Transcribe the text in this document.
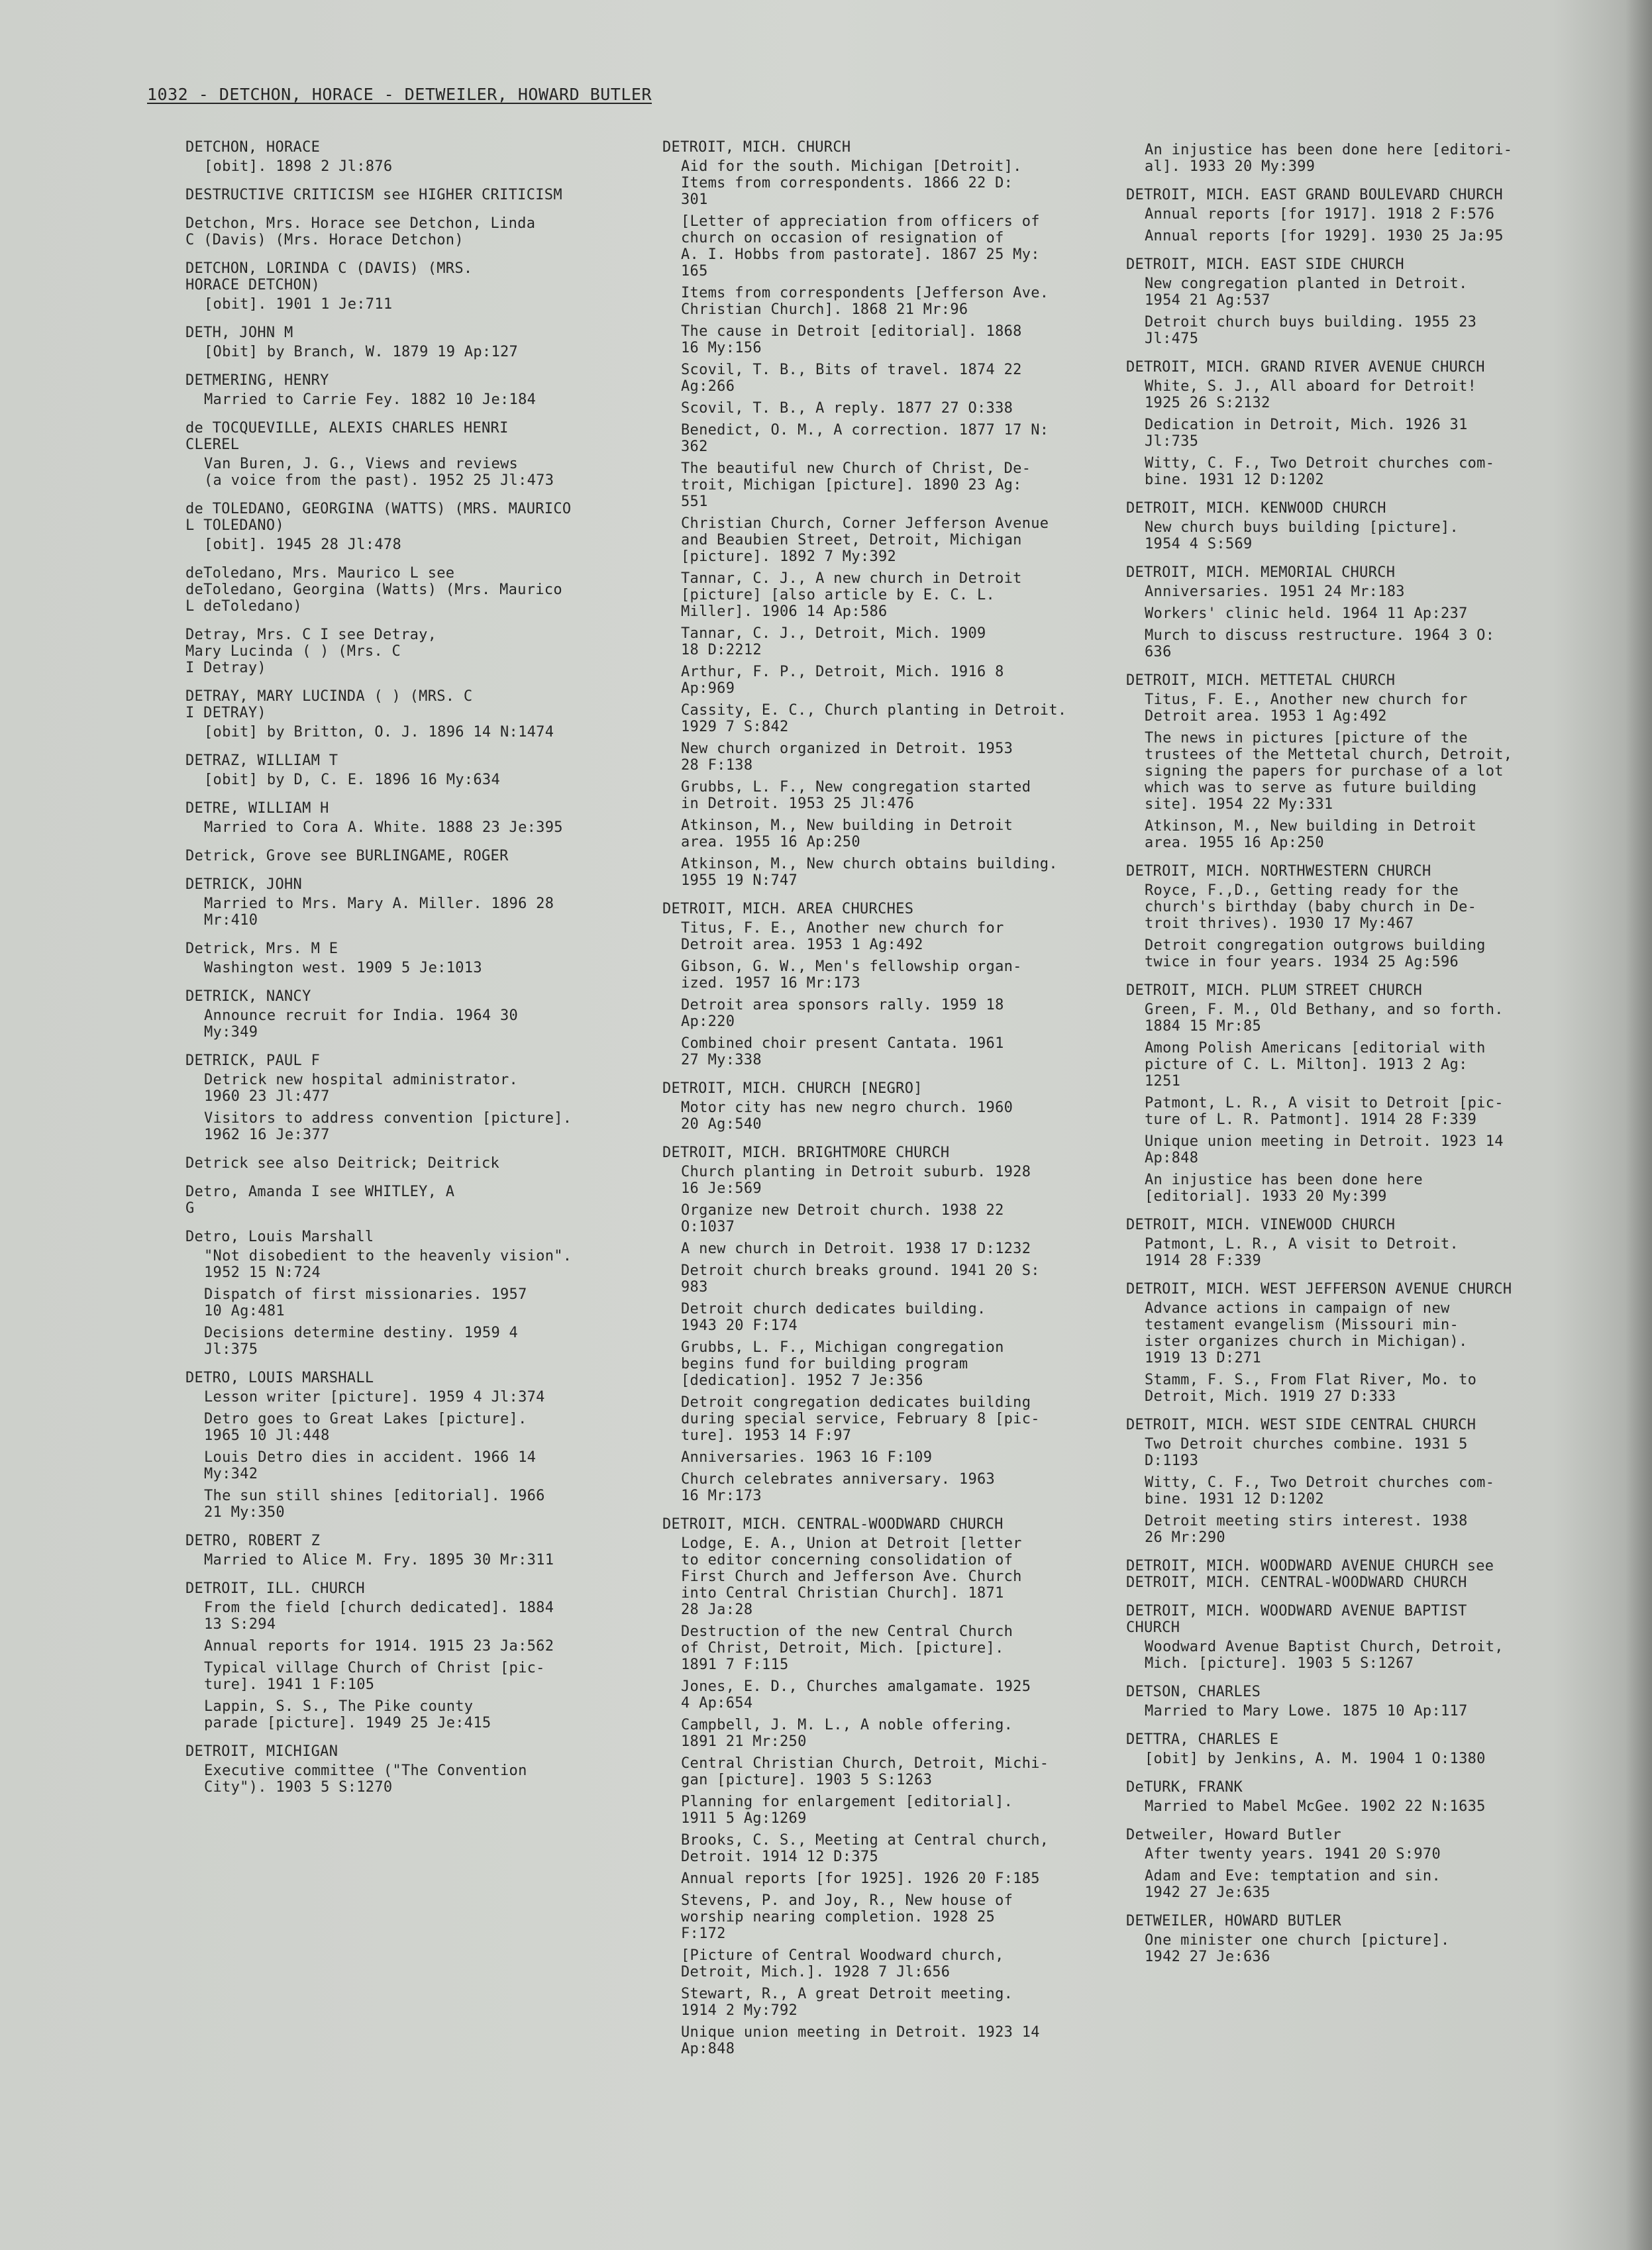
1032 - DETCHON, HORACE - DETWEILER, HOWARD BUTLER
DETCHON, HORACE
[obit]. 1898 2 Jl:876
DESTRUCTIVE CRITICISM see HIGHER CRITICISM
Detchon, Mrs. Horace see Detchon, Linda
C (Davis) (Mrs. Horace Detchon)
DETCHON, LORINDA C (DAVIS) (MRS.
HORACE DETCHON)
[obit]. 1901 1 Je:711
DETH, JOHN M
[Obit] by Branch, W. 1879 19 Ap:127
DETMERING, HENRY
Married to Carrie Fey. 1882 10 Je:184
de TOCQUEVILLE, ALEXIS CHARLES HENRI
CLEREL
Van Buren, J. G., Views and reviews
(a voice from the past). 1952 25 Jl:473
de TOLEDANO, GEORGINA (WATTS) (MRS. MAURICO
L TOLEDANO)
[obit]. 1945 28 Jl:478
deToledano, Mrs. Maurico L see
deToledano, Georgina (Watts) (Mrs. Maurico
L deToledano)
Detray, Mrs. C I see Detray,
Mary Lucinda ( ) (Mrs. C
I Detray)
DETRAY, MARY LUCINDA ( ) (MRS. C
I DETRAY)
[obit] by Britton, O. J. 1896 14 N:1474
DETRAZ, WILLIAM T
[obit] by D, C. E. 1896 16 My:634
DETRE, WILLIAM H
Married to Cora A. White. 1888 23 Je:395
Detrick, Grove see BURLINGAME, ROGER
DETRICK, JOHN
Married to Mrs. Mary A. Miller. 1896 28
Mr:410
Detrick, Mrs. M E
Washington west. 1909 5 Je:1013
DETRICK, NANCY
Announce recruit for India. 1964 30
My:349
DETRICK, PAUL F
Detrick new hospital administrator.
1960 23 Jl:477
Visitors to address convention [picture].
1962 16 Je:377
Detrick see also Deitrick; Deitrick
Detro, Amanda I see WHITLEY, A
G
Detro, Louis Marshall
"Not disobedient to the heavenly vision".
1952 15 N:724
Dispatch of first missionaries. 1957
10 Ag:481
Decisions determine destiny. 1959 4
Jl:375
DETRO, LOUIS MARSHALL
Lesson writer [picture]. 1959 4 Jl:374
Detro goes to Great Lakes [picture].
1965 10 Jl:448
Louis Detro dies in accident. 1966 14
My:342
The sun still shines [editorial]. 1966
21 My:350
DETRO, ROBERT Z
Married to Alice M. Fry. 1895 30 Mr:311
DETROIT, ILL. CHURCH
From the field [church dedicated]. 1884
13 S:294
Annual reports for 1914. 1915 23 Ja:562
Typical village Church of Christ [pic-
ture]. 1941 1 F:105
Lappin, S. S., The Pike county
parade [picture]. 1949 25 Je:415
DETROIT, MICHIGAN
Executive committee ("The Convention
City"). 1903 5 S:1270
DETROIT, MICH. CHURCH
Aid for the south. Michigan [Detroit].
Items from correspondents. 1866 22 D:
301
[Letter of appreciation from officers of
church on occasion of resignation of
A. I. Hobbs from pastorate]. 1867 25 My:
165
Items from correspondents [Jefferson Ave.
Christian Church]. 1868 21 Mr:96
The cause in Detroit [editorial]. 1868
16 My:156
Scovil, T. B., Bits of travel. 1874 22
Ag:266
Scovil, T. B., A reply. 1877 27 O:338
Benedict, O. M., A correction. 1877 17 N:
362
The beautiful new Church of Christ, De-
troit, Michigan [picture]. 1890 23 Ag:
551
Christian Church, Corner Jefferson Avenue
and Beaubien Street, Detroit, Michigan
[picture]. 1892 7 My:392
Tannar, C. J., A new church in Detroit
[picture] [also article by E. C. L.
Miller]. 1906 14 Ap:586
Tannar, C. J., Detroit, Mich. 1909
18 D:2212
Arthur, F. P., Detroit, Mich. 1916 8
Ap:969
Cassity, E. C., Church planting in Detroit.
1929 7 S:842
New church organized in Detroit. 1953
28 F:138
Grubbs, L. F., New congregation started
in Detroit. 1953 25 Jl:476
Atkinson, M., New building in Detroit
area. 1955 16 Ap:250
Atkinson, M., New church obtains building.
1955 19 N:747
DETROIT, MICH. AREA CHURCHES
Titus, F. E., Another new church for
Detroit area. 1953 1 Ag:492
Gibson, G. W., Men's fellowship organ-
ized. 1957 16 Mr:173
Detroit area sponsors rally. 1959 18
Ap:220
Combined choir present Cantata. 1961
27 My:338
DETROIT, MICH. CHURCH [NEGRO]
Motor city has new negro church. 1960
20 Ag:540
DETROIT, MICH. BRIGHTMORE CHURCH
Church planting in Detroit suburb. 1928
16 Je:569
Organize new Detroit church. 1938 22
O:1037
A new church in Detroit. 1938 17 D:1232
Detroit church breaks ground. 1941 20 S:
983
Detroit church dedicates building.
1943 20 F:174
Grubbs, L. F., Michigan congregation
begins fund for building program
[dedication]. 1952 7 Je:356
Detroit congregation dedicates building
during special service, February 8 [pic-
ture]. 1953 14 F:97
Anniversaries. 1963 16 F:109
Church celebrates anniversary. 1963
16 Mr:173
DETROIT, MICH. CENTRAL-WOODWARD CHURCH
Lodge, E. A., Union at Detroit [letter
to editor concerning consolidation of
First Church and Jefferson Ave. Church
into Central Christian Church]. 1871
28 Ja:28
Destruction of the new Central Church
of Christ, Detroit, Mich. [picture].
1891 7 F:115
Jones, E. D., Churches amalgamate. 1925
4 Ap:654
Campbell, J. M. L., A noble offering.
1891 21 Mr:250
Central Christian Church, Detroit, Michi-
gan [picture]. 1903 5 S:1263
Planning for enlargement [editorial].
1911 5 Ag:1269
Brooks, C. S., Meeting at Central church,
Detroit. 1914 12 D:375
Annual reports [for 1925]. 1926 20 F:185
Stevens, P. and Joy, R., New house of
worship nearing completion. 1928 25
F:172
[Picture of Central Woodward church,
Detroit, Mich.]. 1928 7 Jl:656
Stewart, R., A great Detroit meeting.
1914 2 My:792
Unique union meeting in Detroit. 1923 14
Ap:848
An injustice has been done here [editori-
al]. 1933 20 My:399
DETROIT, MICH. EAST GRAND BOULEVARD CHURCH
Annual reports [for 1917]. 1918 2 F:576
Annual reports [for 1929]. 1930 25 Ja:95
DETROIT, MICH. EAST SIDE CHURCH
New congregation planted in Detroit.
1954 21 Ag:537
Detroit church buys building. 1955 23
Jl:475
DETROIT, MICH. GRAND RIVER AVENUE CHURCH
White, S. J., All aboard for Detroit!
1925 26 S:2132
Dedication in Detroit, Mich. 1926 31
Jl:735
Witty, C. F., Two Detroit churches com-
bine. 1931 12 D:1202
DETROIT, MICH. KENWOOD CHURCH
New church buys building [picture].
1954 4 S:569
DETROIT, MICH. MEMORIAL CHURCH
Anniversaries. 1951 24 Mr:183
Workers' clinic held. 1964 11 Ap:237
Murch to discuss restructure. 1964 3 O:
636
DETROIT, MICH. METTETAL CHURCH
Titus, F. E., Another new church for
Detroit area. 1953 1 Ag:492
The news in pictures [picture of the
trustees of the Mettetal church, Detroit,
signing the papers for purchase of a lot
which was to serve as future building
site]. 1954 22 My:331
Atkinson, M., New building in Detroit
area. 1955 16 Ap:250
DETROIT, MICH. NORTHWESTERN CHURCH
Royce, F.,D., Getting ready for the
church's birthday (baby church in De-
troit thrives). 1930 17 My:467
Detroit congregation outgrows building
twice in four years. 1934 25 Ag:596
DETROIT, MICH. PLUM STREET CHURCH
Green, F. M., Old Bethany, and so forth.
1884 15 Mr:85
Among Polish Americans [editorial with
picture of C. L. Milton]. 1913 2 Ag:
1251
Patmont, L. R., A visit to Detroit [pic-
ture of L. R. Patmont]. 1914 28 F:339
Unique union meeting in Detroit. 1923 14
Ap:848
An injustice has been done here
[editorial]. 1933 20 My:399
DETROIT, MICH. VINEWOOD CHURCH
Patmont, L. R., A visit to Detroit.
1914 28 F:339
DETROIT, MICH. WEST JEFFERSON AVENUE CHURCH
Advance actions in campaign of new
testament evangelism (Missouri min-
ister organizes church in Michigan).
1919 13 D:271
Stamm, F. S., From Flat River, Mo. to
Detroit, Mich. 1919 27 D:333
DETROIT, MICH. WEST SIDE CENTRAL CHURCH
Two Detroit churches combine. 1931 5
D:1193
Witty, C. F., Two Detroit churches com-
bine. 1931 12 D:1202
Detroit meeting stirs interest. 1938
26 Mr:290
DETROIT, MICH. WOODWARD AVENUE CHURCH see
DETROIT, MICH. CENTRAL-WOODWARD CHURCH
DETROIT, MICH. WOODWARD AVENUE BAPTIST
CHURCH
Woodward Avenue Baptist Church, Detroit,
Mich. [picture]. 1903 5 S:1267
DETSON, CHARLES
Married to Mary Lowe. 1875 10 Ap:117
DETTRA, CHARLES E
[obit] by Jenkins, A. M. 1904 1 O:1380
DeTURK, FRANK
Married to Mabel McGee. 1902 22 N:1635
Detweiler, Howard Butler
After twenty years. 1941 20 S:970
Adam and Eve: temptation and sin.
1942 27 Je:635
DETWEILER, HOWARD BUTLER
One minister one church [picture].
1942 27 Je:636
